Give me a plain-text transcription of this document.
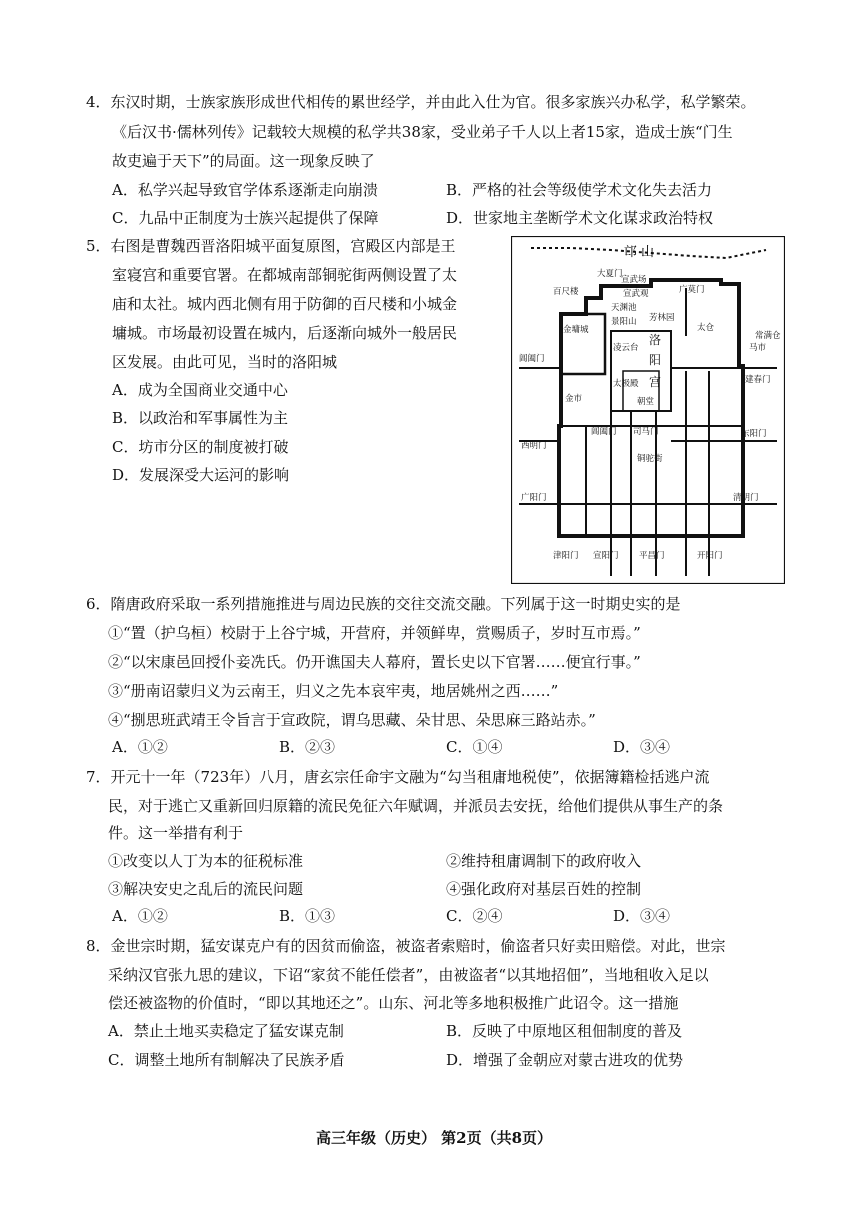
4．东汉时期，士族家族形成世代相传的累世经学，并由此入仕为官。很多家族兴办私学，私学繁荣。
《后汉书·儒林列传》记载较大规模的私学共38家，受业弟子千人以上者15家，造成士族“门生
故吏遍于天下”的局面。这一现象反映了
A．私学兴起导致官学体系逐渐走向崩溃	B．严格的社会等级使学术文化失去活力
C．九品中正制度为士族兴起提供了保障	D．世家地主垄断学术文化谋求政治特权
5．右图是曹魏西晋洛阳城平面复原图，宫殿区内部是王
室寝宫和重要官署。在都城南部铜驼街两侧设置了太
庙和太社。城内西北侧有用于防御的百尺楼和小城金
墉城。市场最初设置在城内，后逐渐向城外一般居民
区发展。由此可见，当时的洛阳城
A．成为全国商业交通中心
B．以政治和军事属性为主
C．坊市分区的制度被打破
D．发展深受大运河的影响
邙 山
百尺楼
大夏门
宣武场
宣武观
天渊池
景阳山
广莫门
芳林园
太仓
金墉城
洛
阳
宫
常满仓
马市
凌云台
阊阖门
建春门
金市
太极殿
朝堂
阊阖门 司马门	东阳门
西明门
铜驼街
广阳门	清明门
津阳门 宣阳门 平昌门	开阳门
6．隋唐政府采取一系列措施推进与周边民族的交往交流交融。下列属于这一时期史实的是
①“置（护乌桓）校尉于上谷宁城，开营府，并领鲜卑，赏赐质子，岁时互市焉。”
②“以宋康邑回授仆妾冼氏。仍开谯国夫人幕府，置长史以下官署……便宜行事。”
③“册南诏蒙归义为云南王，归义之先本哀牢夷，地居姚州之西……”
④“捌思班武靖王令旨言于宣政院，谓乌思藏、朵甘思、朵思麻三路站赤。”
A．①②	B．②③	C．①④	D．③④
7．开元十一年（723年）八月，唐玄宗任命宇文融为“勾当租庸地税使”，依据簿籍检括逃户流
民，对于逃亡又重新回归原籍的流民免征六年赋调，并派员去安抚，给他们提供从事生产的条
件。这一举措有利于
①改变以人丁为本的征税标准	②维持租庸调制下的政府收入
③解决安史之乱后的流民问题	④强化政府对基层百姓的控制
A．①②	B．①③	C．②④	D．③④
8．金世宗时期，猛安谋克户有的因贫而偷盗，被盗者索赔时，偷盗者只好卖田赔偿。对此，世宗
采纳汉官张九思的建议，下诏“家贫不能任偿者”，由被盗者“以其地招佃”，当地租收入足以
偿还被盗物的价值时，“即以其地还之”。山东、河北等多地积极推广此诏令。这一措施
A．禁止土地买卖稳定了猛安谋克制	B．反映了中原地区租佃制度的普及
C．调整土地所有制解决了民族矛盾	D．增强了金朝应对蒙古进攻的优势
高三年级（历史） 第2页（共8页）
